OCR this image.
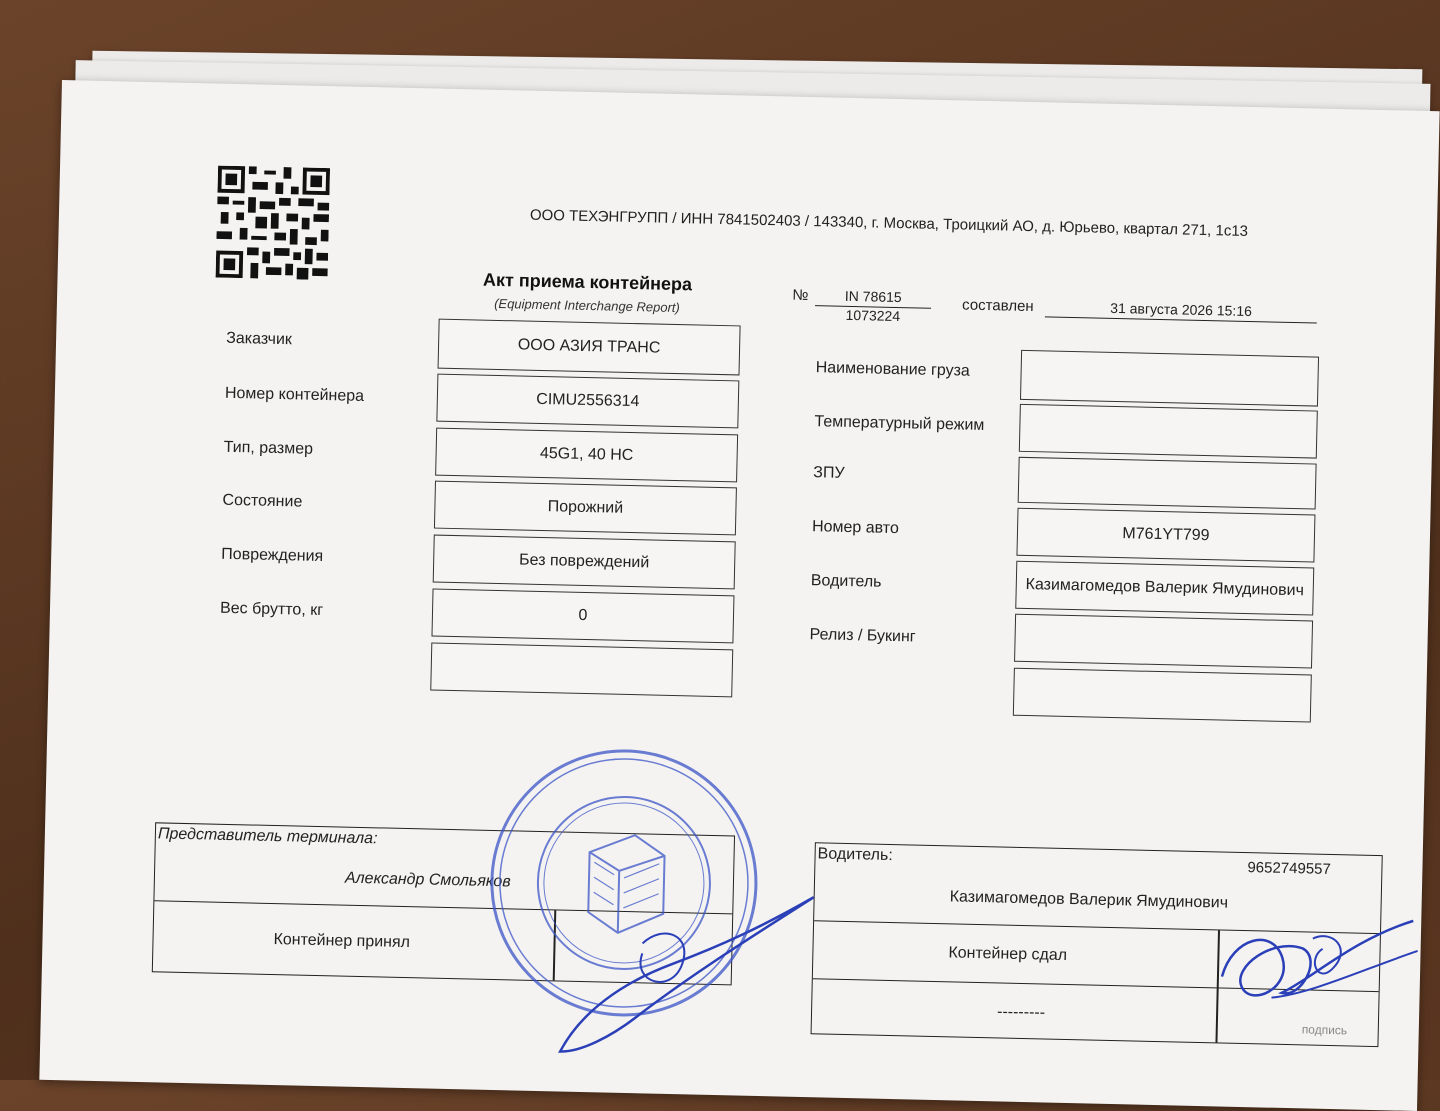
ООО ТЕХЭНГРУПП / ИНН 7841502403 / 143340, г. Москва, Троицкий АО, д. Юрьево, квартал 271, 1с13
Акт приема контейнера
(Equipment Interchange Report)
№	IN 78615
1073224
составлен	31 августа 2026 15:16
Заказчик	ООО АЗИЯ ТРАНС
Номер контейнера	CIMU2556314
Тип, размер	45G1, 40 HC
Состояние	Порожний
Повреждения	Без повреждений
Вес брутто, кг	0
Наименование груза
Температурный режим
ЗПУ
Номер авто	M761YT799
Водитель	Казимагомедов Валерик Ямудинович
Релиз / Букинг
Представитель терминала:
Александр Смольяков
Контейнер принял
Водитель:
9652749557
Казимагомедов Валерик Ямудинович
Контейнер сдал
---------
подпись
